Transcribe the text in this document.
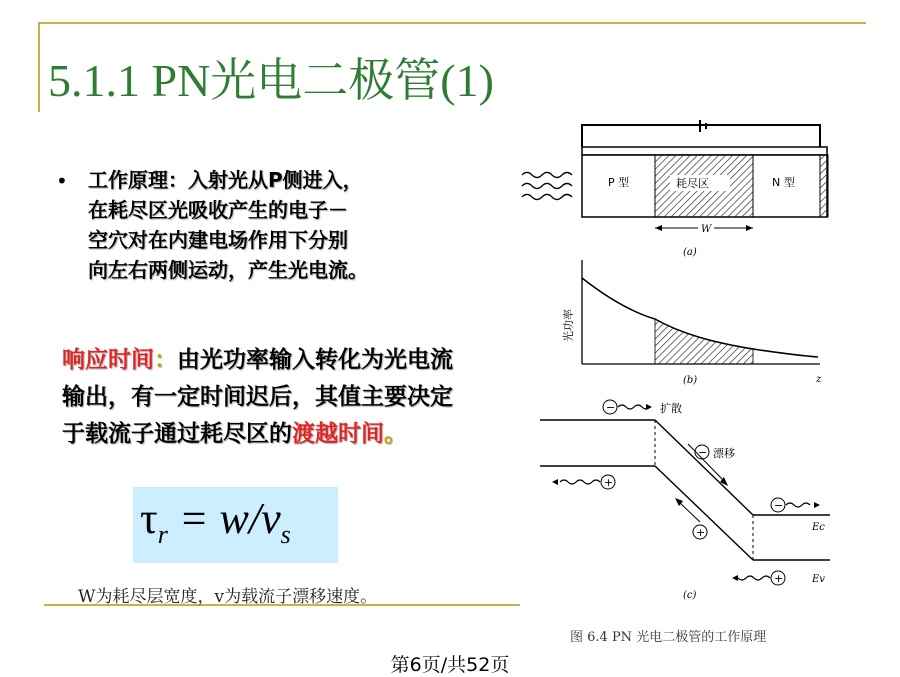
5.1.1 PN光电二极管(1)
• 工作原理：入射光从P侧进入，
在耗尽区光吸收产生的电子－
空穴对在内建电场作用下分别
向左右两侧运动，产生光电流。
响应时间：由光功率输入转化为光电流输出，有一定时间迟后，其值主要决定于载流子通过耗尽区的渡越时间。
$\tau_r = w/v_s$
W为耗尽层宽度，v为载流子漂移速度。
P 型	耗尽区	N 型
W
(a)
光功率
(b)	z
−	扩散
− 漂移
+
+
−
Ec
+	Ev
(c)
图 6.4 PN 光电二极管的工作原理
第6页/共52页
